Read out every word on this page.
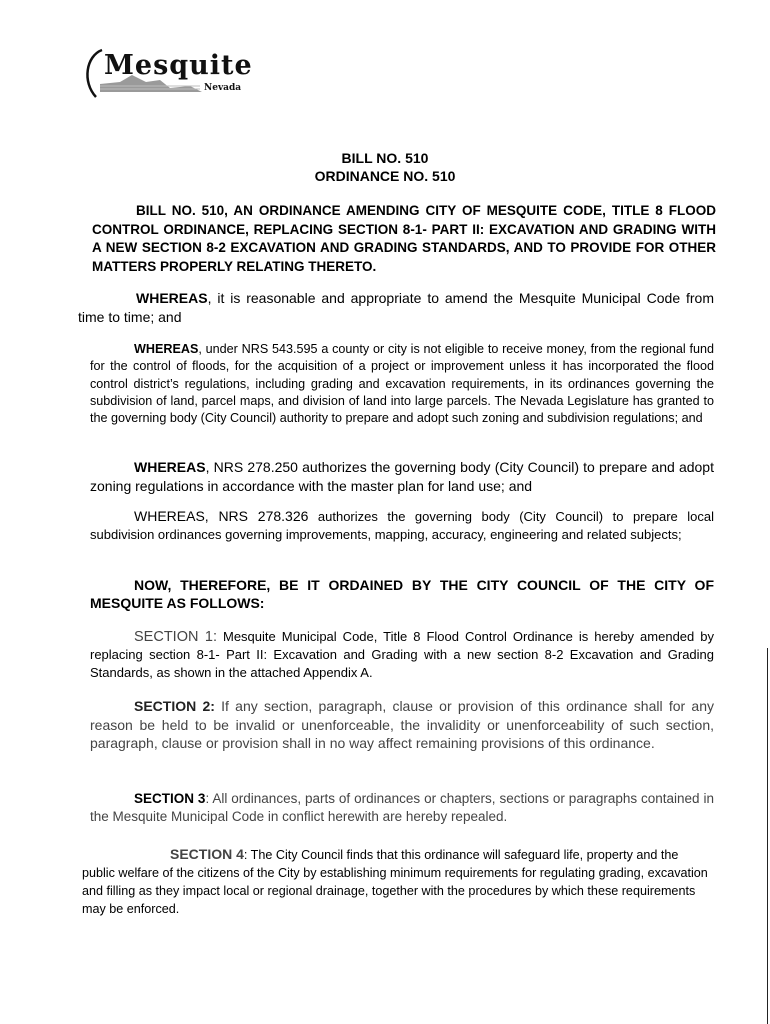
Mesquite
Nevada
BILL NO. 510
ORDINANCE NO. 510
BILL NO. 510, AN ORDINANCE AMENDING CITY OF MESQUITE CODE, TITLE 8 FLOOD CONTROL ORDINANCE, REPLACING SECTION 8-1- PART II: EXCAVATION AND GRADING WITH A NEW SECTION 8-2 EXCAVATION AND GRADING STANDARDS, AND TO PROVIDE FOR OTHER MATTERS PROPERLY RELATING THERETO.
WHEREAS, it is reasonable and appropriate to amend the Mesquite Municipal Code from time to time; and
WHEREAS, under NRS 543.595 a county or city is not eligible to receive money, from the regional fund for the control of floods, for the acquisition of a project or improvement unless it has incorporated the flood control district’s regulations, including grading and excavation requirements, in its ordinances governing the subdivision of land, parcel maps, and division of land into large parcels. The Nevada Legislature has granted to the governing body (City Council) authority to prepare and adopt such zoning and subdivision regulations; and
WHEREAS, NRS 278.250 authorizes the governing body (City Council) to prepare and adopt zoning regulations in accordance with the master plan for land use; and
WHEREAS, NRS 278.326 authorizes the governing body (City Council) to prepare local subdivision ordinances governing improvements, mapping, accuracy, engineering and related subjects;
NOW, THEREFORE, BE IT ORDAINED BY THE CITY COUNCIL OF THE CITY OF MESQUITE AS FOLLOWS:
SECTION 1: Mesquite Municipal Code, Title 8 Flood Control Ordinance is hereby amended by replacing section 8-1- Part II: Excavation and Grading with a new section 8-2 Excavation and Grading Standards, as shown in the attached Appendix A.
SECTION 2: If any section, paragraph, clause or provision of this ordinance shall for any reason be held to be invalid or unenforceable, the invalidity or unenforceability of such section, paragraph, clause or provision shall in no way affect remaining provisions of this ordinance.
SECTION 3: All ordinances, parts of ordinances or chapters, sections or paragraphs contained in the Mesquite Municipal Code in conflict herewith are hereby repealed.
SECTION 4: The City Council finds that this ordinance will safeguard life, property and the public welfare of the citizens of the City by establishing minimum requirements for regulating grading, excavation and filling as they impact local or regional drainage, together with the procedures by which these requirements may be enforced.
